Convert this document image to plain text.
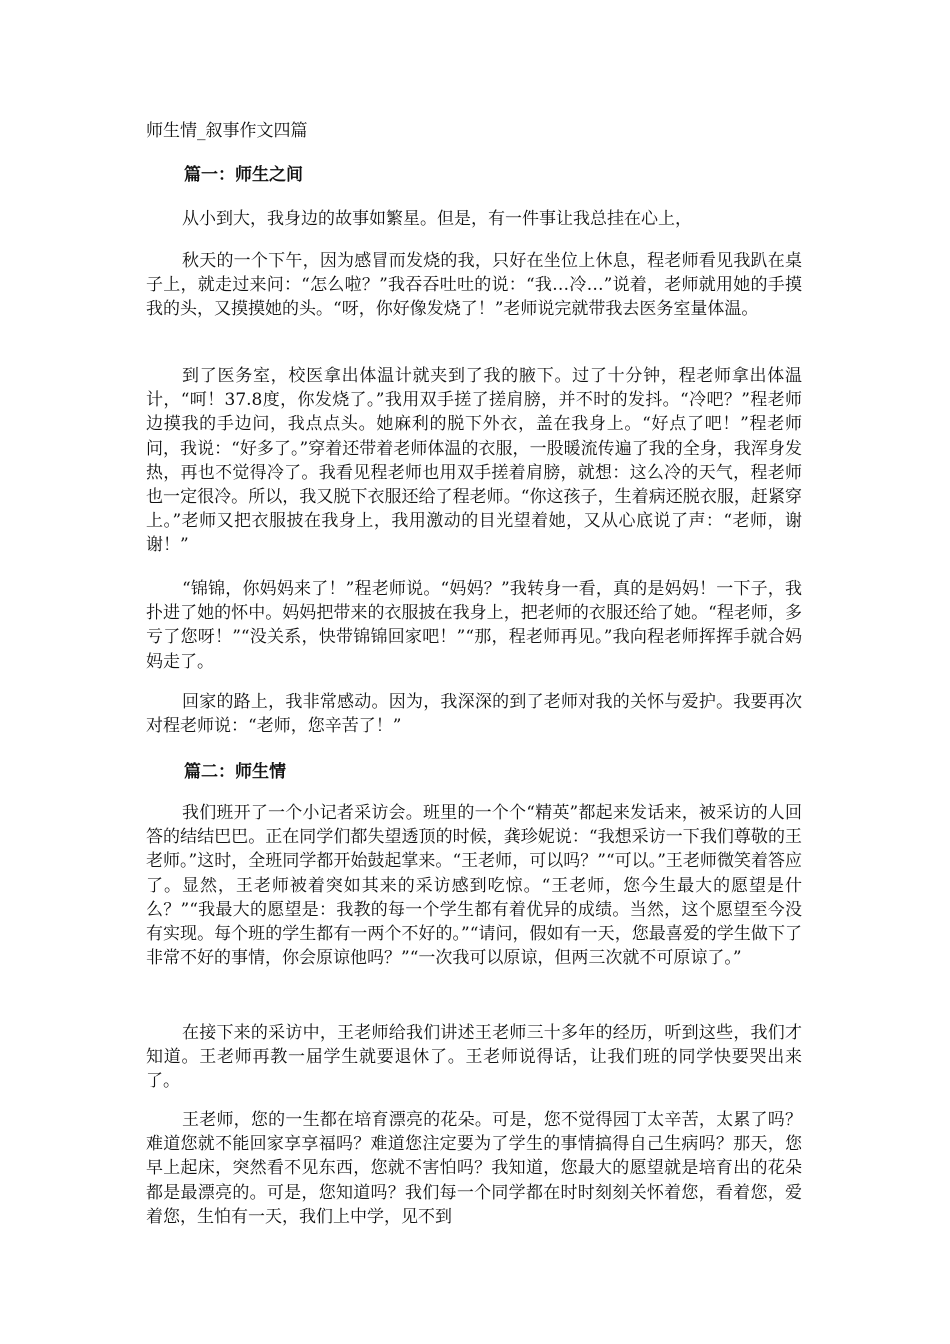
师生情_叙事作文四篇
篇一：师生之间

从小到大，我身边的故事如繁星。但是，有一件事让我总挂在心上，

秋天的一个下午，因为感冒而发烧的我，只好在坐位上休息，程老师看见我趴在桌子上，就走过来问：“怎么啦？”我吞吞吐吐的说：“我…冷…”说着，老师就用她的手摸我的头，又摸摸她的头。“呀，你好像发烧了！”老师说完就带我去医务室量体温。

到了医务室，校医拿出体温计就夹到了我的腋下。过了十分钟，程老师拿出体温计，“呵！37.8度，你发烧了。”我用双手搓了搓肩膀，并不时的发抖。“冷吧？”程老师边摸我的手边问，我点点头。她麻利的脱下外衣，盖在我身上。“好点了吧！”程老师问，我说：“好多了。”穿着还带着老师体温的衣服，一股暖流传遍了我的全身，我浑身发热，再也不觉得冷了。我看见程老师也用双手搓着肩膀，就想：这么冷的天气，程老师也一定很冷。所以，我又脱下衣服还给了程老师。“你这孩子，生着病还脱衣服，赶紧穿上。”老师又把衣服披在我身上，我用激动的目光望着她，又从心底说了声：“老师，谢谢！”

“锦锦，你妈妈来了！”程老师说。“妈妈？”我转身一看，真的是妈妈！一下子，我扑进了她的怀中。妈妈把带来的衣服披在我身上，把老师的衣服还给了她。“程老师，多亏了您呀！”“没关系，快带锦锦回家吧！”“那，程老师再见。”我向程老师挥挥手就合妈妈走了。

回家的路上，我非常感动。因为，我深深的到了老师对我的关怀与爱护。我要再次对程老师说：“老师，您辛苦了！”

篇二：师生情

我们班开了一个小记者采访会。班里的一个个“精英”都起来发话来，被采访的人回答的结结巴巴。正在同学们都失望透顶的时候，龚珍妮说：“我想采访一下我们尊敬的王老师。”这时，全班同学都开始鼓起掌来。“王老师，可以吗？”“可以。”王老师微笑着答应了。显然，王老师被着突如其来的采访感到吃惊。“王老师，您今生最大的愿望是什么？”“我最大的愿望是：我教的每一个学生都有着优异的成绩。当然，这个愿望至今没有实现。每个班的学生都有一两个不好的。”“请问，假如有一天，您最喜爱的学生做下了非常不好的事情，你会原谅他吗？”“一次我可以原谅，但两三次就不可原谅了。”

在接下来的采访中，王老师给我们讲述王老师三十多年的经历，听到这些，我们才知道。王老师再教一届学生就要退休了。王老师说得话，让我们班的同学快要哭出来了。

王老师，您的一生都在培育漂亮的花朵。可是，您不觉得园丁太辛苦，太累了吗？难道您就不能回家享享福吗？难道您注定要为了学生的事情搞得自己生病吗？那天，您早上起床，突然看不见东西，您就不害怕吗？我知道，您最大的愿望就是培育出的花朵都是最漂亮的。可是，您知道吗？我们每一个同学都在时时刻刻关怀着您，看着您，爱着您，生怕有一天，我们上中学，见不到
